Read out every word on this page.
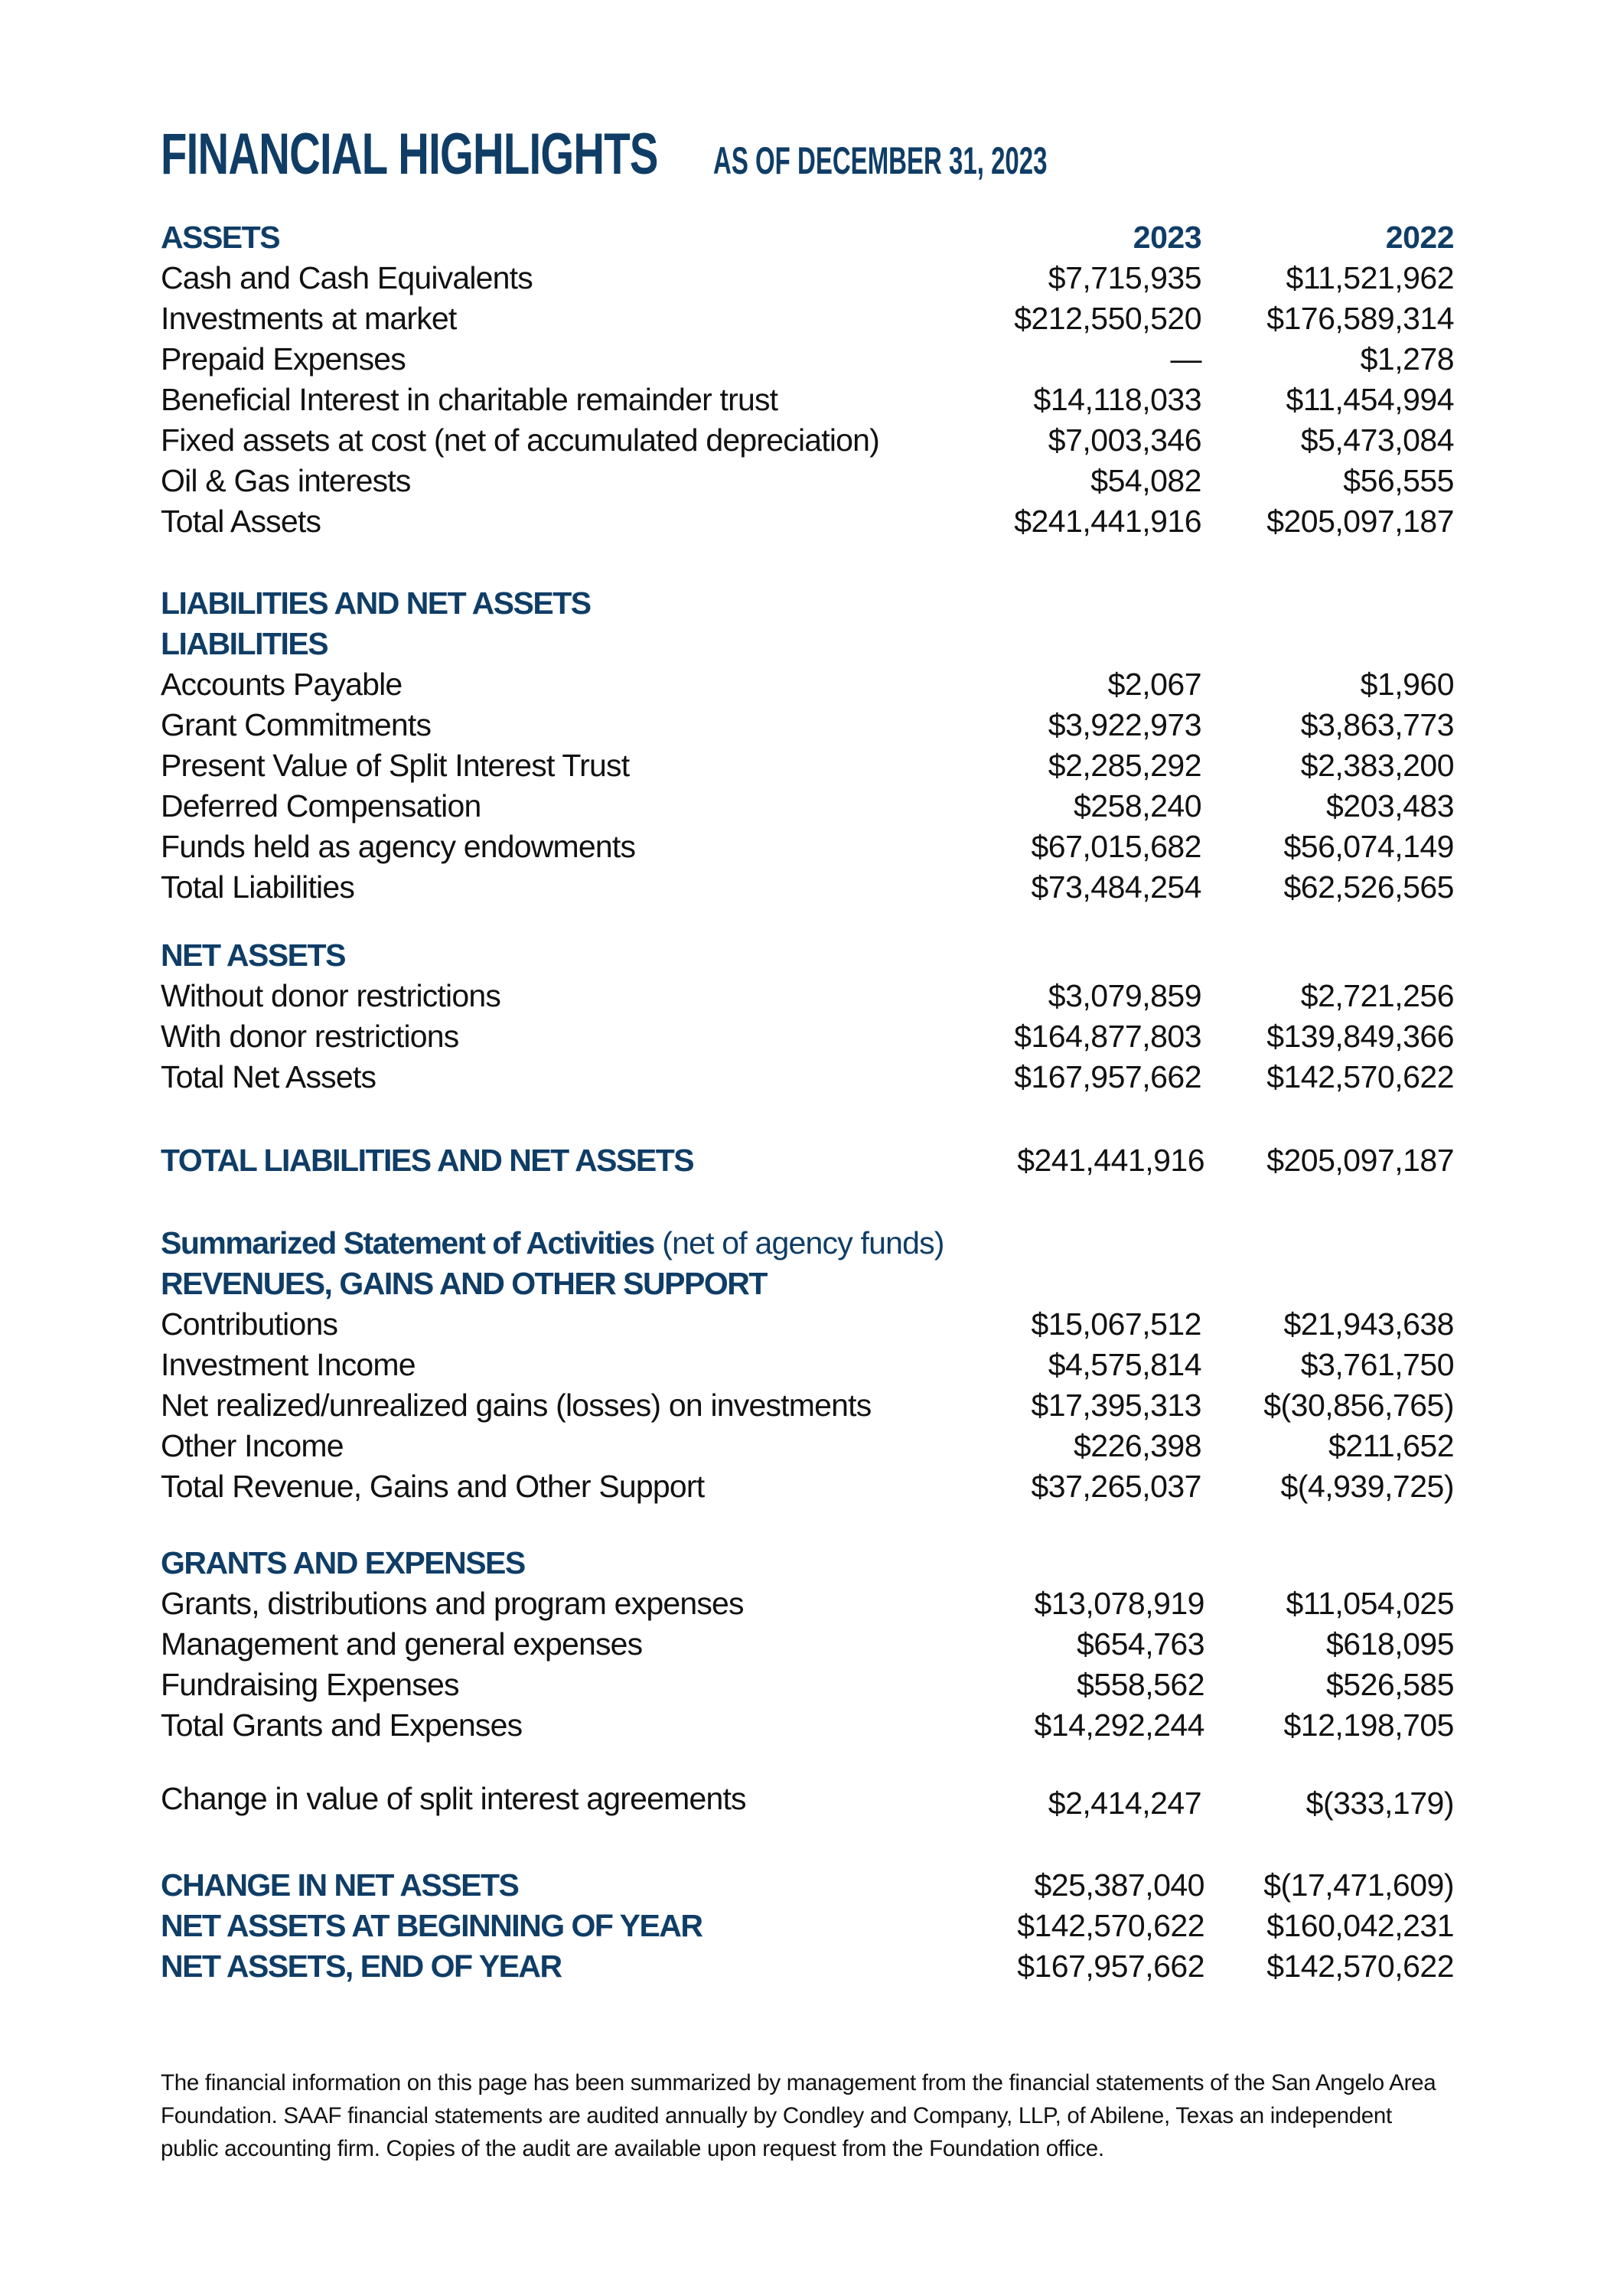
FINANCIAL HIGHLIGHTS AS OF DECEMBER 31, 2023
ASSETS	2023	2022
Cash and Cash Equivalents	$7,715,935	$11,521,962
Investments at market	$212,550,520 $176,589,314
Prepaid Expenses	—	$1,278
Beneficial Interest in charitable remainder trust	$14,118,033	$11,454,994
Fixed assets at cost (net of accumulated depreciation)	$7,003,346	$5,473,084
Oil & Gas interests	$54,082	$56,555
Total Assets	$241,441,916 $205,097,187
LIABILITIES AND NET ASSETS
LIABILITIES
Accounts Payable	$2,067	$1,960
Grant Commitments	$3,922,973	$3,863,773
Present Value of Split Interest Trust	$2,285,292	$2,383,200
Deferred Compensation	$258,240	$203,483
Funds held as agency endowments	$67,015,682	$56,074,149
Total Liabilities	$73,484,254	$62,526,565
NET ASSETS
Without donor restrictions	$3,079,859	$2,721,256
With donor restrictions	$164,877,803 $139,849,366
Total Net Assets	$167,957,662 $142,570,622
TOTAL LIABILITIES AND NET ASSETS	$241,441,916 $205,097,187
Summarized Statement of Activities (net of agency funds)
REVENUES, GAINS AND OTHER SUPPORT
Contributions	$15,067,512	$21,943,638
Investment Income	$4,575,814	$3,761,750
Net realized/unrealized gains (losses) on investments	$17,395,313 $(30,856,765)
Other Income	$226,398	$211,652
Total Revenue, Gains and Other Support	$37,265,037	$(4,939,725)
GRANTS AND EXPENSES
Grants, distributions and program expenses	$13,078,919	$11,054,025
Management and general expenses	$654,763	$618,095
Fundraising Expenses	$558,562	$526,585
Total Grants and Expenses	$14,292,244	$12,198,705
Change in value of split interest agreements	$2,414,247	$(333,179)
CHANGE IN NET ASSETS	$25,387,040 $(17,471,609)
NET ASSETS AT BEGINNING OF YEAR	$142,570,622 $160,042,231
NET ASSETS, END OF YEAR	$167,957,662 $142,570,622
The financial information on this page has been summarized by management from the financial statements of the San Angelo Area Foundation. SAAF financial statements are audited annually by Condley and Company, LLP, of Abilene, Texas an independent public accounting firm. Copies of the audit are available upon request from the Foundation office.
